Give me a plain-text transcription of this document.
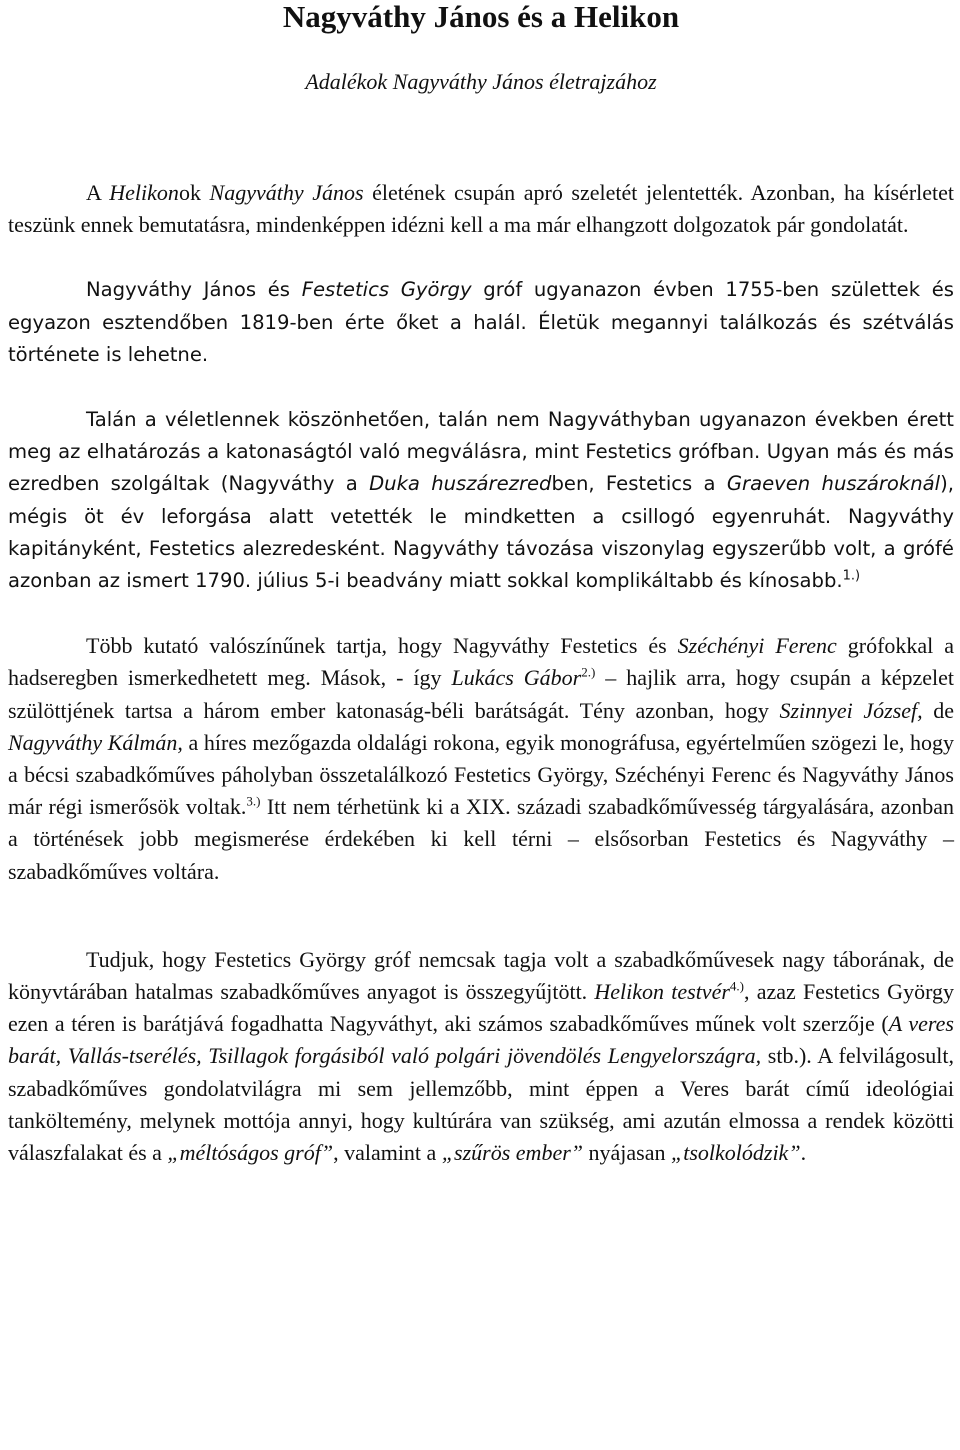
Nagyváthy János és a Helikon
Adalékok Nagyváthy János életrajzához

A Helikonok Nagyváthy János életének csupán apró szeletét jelentették. Azonban, ha kísérletet teszünk ennek bemutatásra, mindenképpen idézni kell a ma már elhangzott dolgozatok pár gondolatát.

Nagyváthy János és Festetics György gróf ugyanazon évben 1755-ben születtek és egyazon esztendőben 1819-ben érte őket a halál. Életük megannyi találkozás és szétválás története is lehetne.

Talán a véletlennek köszönhetően, talán nem Nagyváthyban ugyanazon években érett meg az elhatározás a katonaságtól való megválásra, mint Festetics grófban. Ugyan más és más ezredben szolgáltak (Nagyváthy a Duka huszárezredben, Festetics a Graeven huszároknál), mégis öt év leforgása alatt vetették le mindketten a csillogó egyenruhát. Nagyváthy kapitányként, Festetics alezredesként. Nagyváthy távozása viszonylag egyszerűbb volt, a grófé azonban az ismert 1790. július 5-i beadvány miatt sokkal komplikáltabb és kínosabb.$^{1.)}$

Több kutató valószínűnek tartja, hogy Nagyváthy Festetics és Széchényi Ferenc grófokkal a hadseregben ismerkedhetett meg. Mások, - így Lukács Gábor$^{2.)}$ – hajlik arra, hogy csupán a képzelet szülöttjének tartsa a három ember katonaság-béli barátságát. Tény azonban, hogy Szinnyei József, de Nagyváthy Kálmán, a híres mezőgazda oldalági rokona, egyik monográfusa, egyértelműen szögezi le, hogy a bécsi szabadkőműves páholyban összetalálkozó Festetics György, Széchényi Ferenc és Nagyváthy János már régi ismerősök voltak.$^{3.)}$ Itt nem térhetünk ki a XIX. századi szabadkőművesség tárgyalására, azonban a történések jobb megismerése érdekében ki kell térni – elsősorban Festetics és Nagyváthy – szabadkőműves voltára.

Tudjuk, hogy Festetics György gróf nemcsak tagja volt a szabadkőművesek nagy táborának, de könyvtárában hatalmas szabadkőműves anyagot is összegyűjtött. Helikon testvér$^{4.)}$, azaz Festetics György ezen a téren is barátjává fogadhatta Nagyváthyt, aki számos szabadkőműves műnek volt szerzője (A veres barát, Vallás-tserélés, Tsillagok forgásiból való polgári jövendölés Lengyelországra, stb.). A felvilágosult, szabadkőműves gondolatvilágra mi sem jellemzőbb, mint éppen a Veres barát című ideológiai tanköltemény, melynek mottója annyi, hogy kultúrára van szükség, ami azután elmossa a rendek közötti válaszfalakat és a „méltóságos gróf”, valamint a „szűrös ember” nyájasan „tsolkolódzik”.
